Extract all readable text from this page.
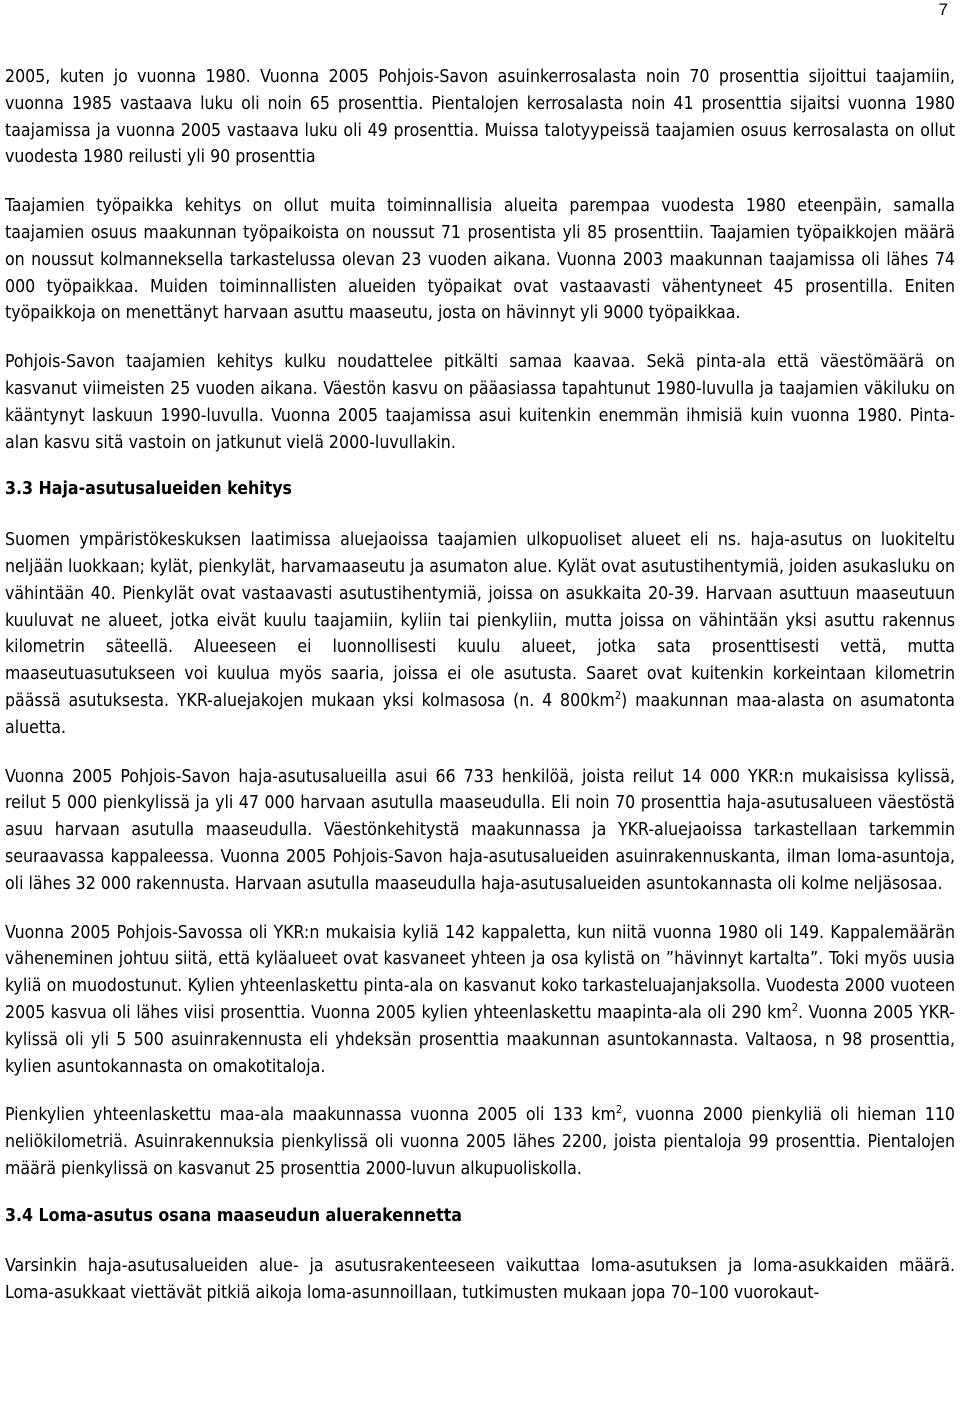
7

2005, kuten jo vuonna 1980. Vuonna 2005 Pohjois-Savon asuinkerrosalasta noin 70 prosenttia sijoittui taajamiin, vuonna 1985 vastaava luku oli noin 65 prosenttia. Pientalojen kerrosalasta noin 41 prosenttia sijaitsi vuonna 1980 taajamissa ja vuonna 2005 vastaava luku oli 49 prosenttia. Muissa talotyypeissä taajamien osuus kerrosalasta on ollut vuodesta 1980 reilusti yli 90 prosenttia

Taajamien työpaikka kehitys on ollut muita toiminnallisia alueita parempaa vuodesta 1980 eteenpäin, samalla taajamien osuus maakunnan työpaikoista on noussut 71 prosentista yli 85 prosenttiin. Taajamien työpaikkojen määrä on noussut kolmanneksella tarkastelussa olevan 23 vuoden aikana. Vuonna 2003 maakunnan taajamissa oli lähes 74 000 työpaikkaa. Muiden toiminnallisten alueiden työpaikat ovat vastaavasti vähentyneet 45 prosentilla. Eniten työpaikkoja on menettänyt harvaan asuttu maaseutu, josta on hävinnyt yli 9000 työpaikkaa.

Pohjois-Savon taajamien kehitys kulku noudattelee pitkälti samaa kaavaa. Sekä pinta-ala että väestömäärä on kasvanut viimeisten 25 vuoden aikana. Väestön kasvu on pääasiassa tapahtunut 1980-luvulla ja taajamien väkiluku on kääntynyt laskuun 1990-luvulla. Vuonna 2005 taajamissa asui kuitenkin enemmän ihmisiä kuin vuonna 1980. Pinta-alan kasvu sitä vastoin on jatkunut vielä 2000-luvullakin.

3.3 Haja-asutusalueiden kehitys

Suomen ympäristökeskuksen laatimissa aluejaoissa taajamien ulkopuoliset alueet eli ns. haja-asutus on luokiteltu neljään luokkaan; kylät, pienkylät, harvamaaseutu ja asumaton alue. Kylät ovat asutustihentymiä, joiden asukasluku on vähintään 40. Pienkylät ovat vastaavasti asutustihentymiä, joissa on asukkaita 20-39. Harvaan asuttuun maaseutuun kuuluvat ne alueet, jotka eivät kuulu taajamiin, kyliin tai pienkyliin, mutta joissa on vähintään yksi asuttu rakennus kilometrin säteellä. Alueeseen ei luonnollisesti kuulu alueet, jotka sata prosenttisesti vettä, mutta maaseutuasutukseen voi kuulua myös saaria, joissa ei ole asutusta. Saaret ovat kuitenkin korkeintaan kilometrin päässä asutuksesta. YKR-aluejakojen mukaan yksi kolmasosa (n. 4 $800km^2$) maakunnan maa-alasta on asumatonta aluetta.

Vuonna 2005 Pohjois-Savon haja-asutusalueilla asui 66 733 henkilöä, joista reilut 14 000 YKR:n mukaisissa kylissä, reilut 5 000 pienkylissä ja yli 47 000 harvaan asutulla maaseudulla. Eli noin 70 prosenttia haja-asutusalueen väestöstä asuu harvaan asutulla maaseudulla. Väestönkehitystä maakunnassa ja YKR-aluejaoissa tarkastellaan tarkemmin seuraavassa kappaleessa. Vuonna 2005 Pohjois-Savon haja-asutusalueiden asuinrakennuskanta, ilman loma-asuntoja, oli lähes 32 000 rakennusta. Harvaan asutulla maaseudulla haja-asutusalueiden asuntokannasta oli kolme neljäsosaa.

Vuonna 2005 Pohjois-Savossa oli YKR:n mukaisia kyliä 142 kappaletta, kun niitä vuonna 1980 oli 149. Kappalemäärän väheneminen johtuu siitä, että kyläalueet ovat kasvaneet yhteen ja osa kylistä on ”hävinnyt kartalta”. Toki myös uusia kyliä on muodostunut. Kylien yhteenlaskettu pinta-ala on kasvanut koko tarkasteluajanjaksolla. Vuodesta 2000 vuoteen 2005 kasvua oli lähes viisi prosenttia. Vuonna 2005 kylien yhteenlaskettu maapinta-ala oli 290 $km^2$. Vuonna 2005 YKR-kylissä oli yli 5 500 asuinrakennusta eli yhdeksän prosenttia maakunnan asuntokannasta. Valtaosa, n 98 prosenttia, kylien asuntokannasta on omakotitaloja.

Pienkylien yhteenlaskettu maa-ala maakunnassa vuonna 2005 oli 133 $km^2$, vuonna 2000 pienkyliä oli hieman 110 neliökilometriä. Asuinrakennuksia pienkylissä oli vuonna 2005 lähes 2200, joista pientaloja 99 prosenttia. Pientalojen määrä pienkylissä on kasvanut 25 prosenttia 2000-luvun alkupuoliskolla.

3.4 Loma-asutus osana maaseudun aluerakennetta

Varsinkin haja-asutusalueiden alue- ja asutusrakenteeseen vaikuttaa loma-asutuksen ja loma-asukkaiden määrä. Loma-asukkaat viettävät pitkiä aikoja loma-asunnoillaan, tutkimusten mukaan jopa 70–100 vuorokaut-
